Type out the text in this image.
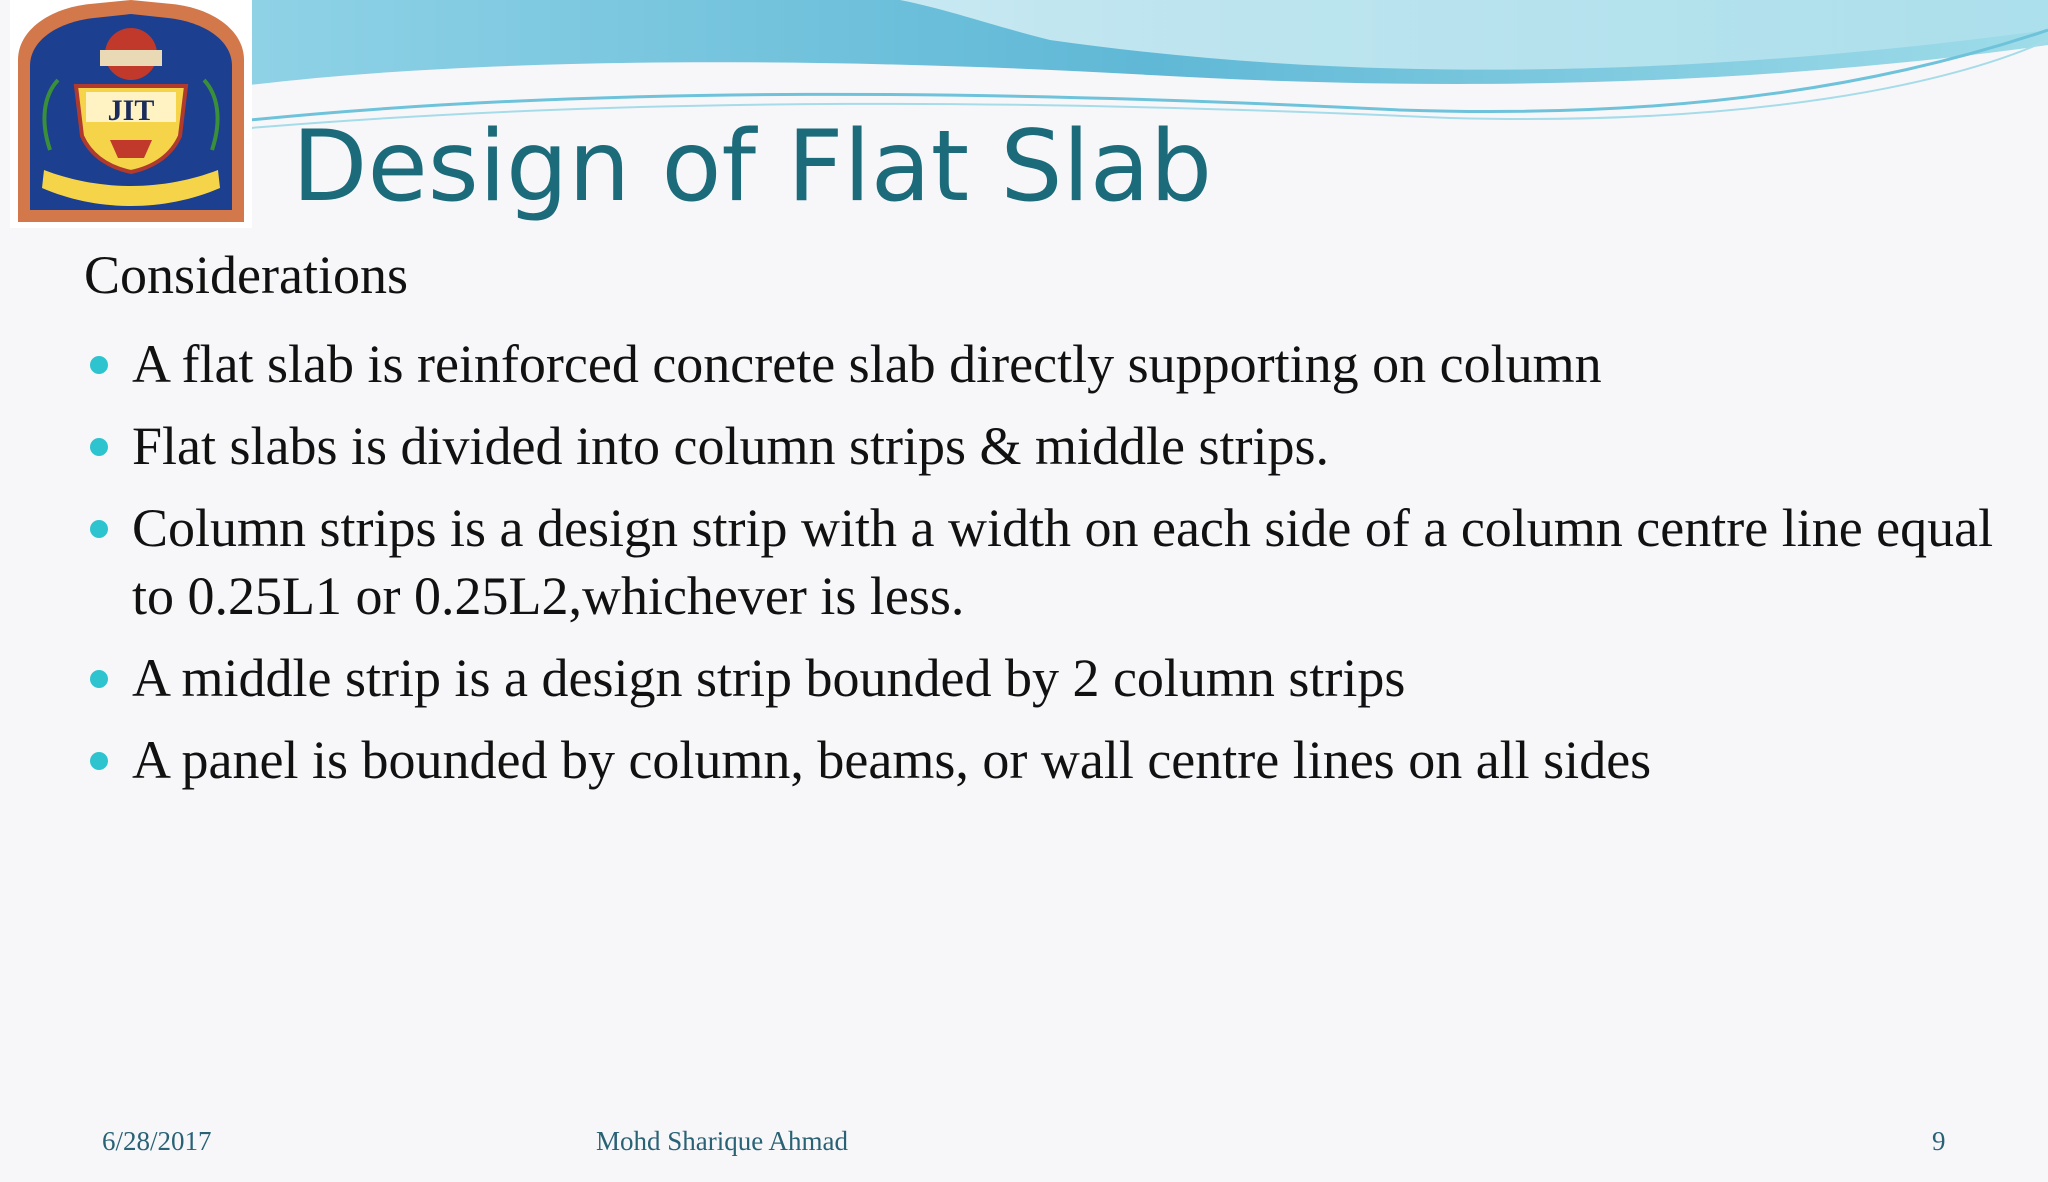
JIT Design of Flat Slab
Considerations
A flat slab is reinforced concrete slab directly supporting on column
Flat slabs is divided into column strips & middle strips.
Column strips is a design strip with a width on each side of a column centre line equal to 0.25L1 or 0.25L2,whichever is less.
A middle strip is a design strip bounded by 2 column strips
A panel is bounded by column, beams, or wall centre lines on all sides
6/28/2017	Mohd Sharique Ahmad	9
